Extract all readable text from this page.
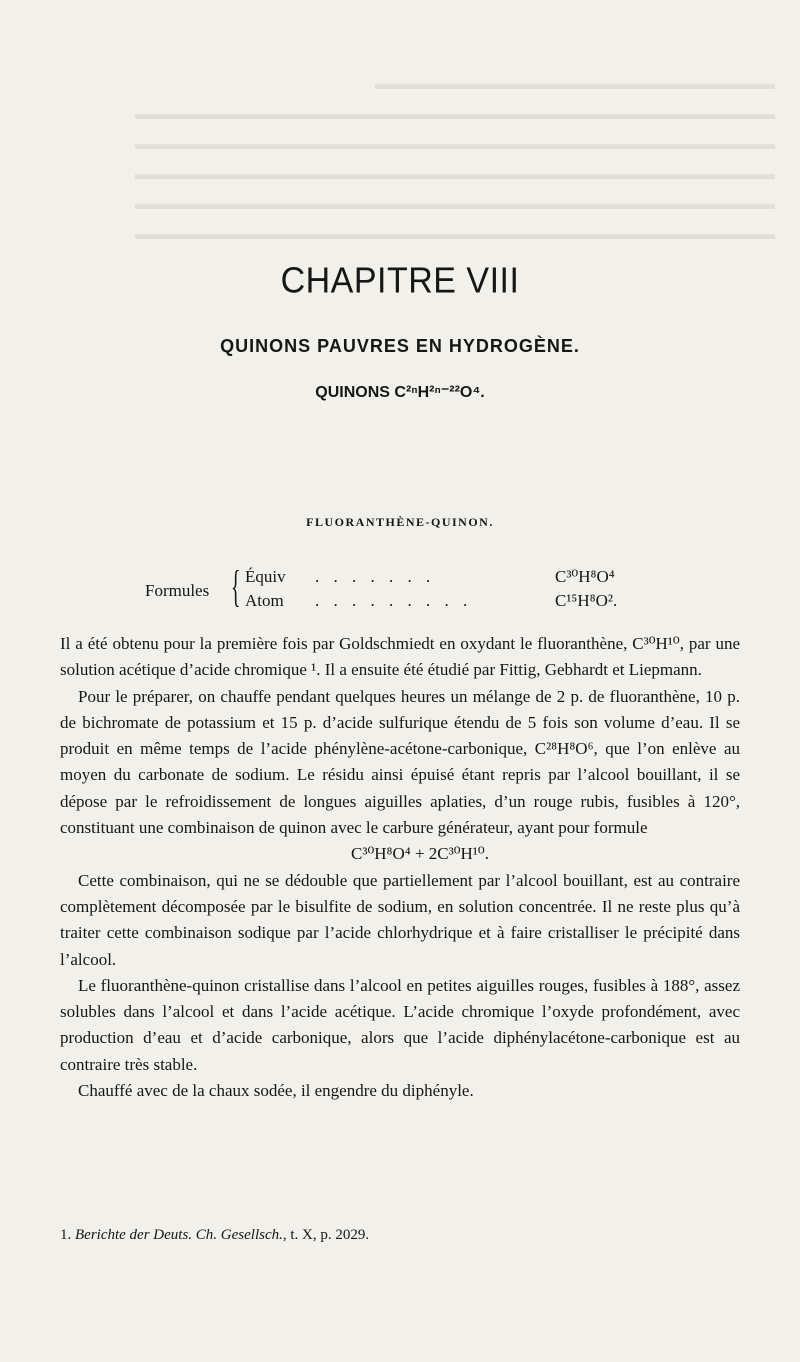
▬▬▬▬▬▬▬▬▬▬▬▬▬▬▬▬▬▬▬▬▬▬▬▬▬
▬▬▬▬▬▬▬▬▬▬▬▬▬▬▬▬▬▬▬▬▬▬▬▬▬▬▬▬▬▬▬▬▬▬▬▬▬▬▬▬
▬▬▬▬▬▬▬▬▬▬▬▬▬▬▬▬▬▬▬▬▬▬▬▬▬▬▬▬▬▬▬▬▬▬▬▬▬▬▬▬
▬▬▬▬▬▬▬▬▬▬▬▬▬▬▬▬▬▬▬▬▬▬▬▬▬▬▬▬▬▬▬▬▬▬▬▬▬▬▬▬
▬▬▬▬▬▬▬▬▬▬▬▬▬▬▬▬▬▬▬▬▬▬▬▬▬▬▬▬▬▬▬▬▬▬▬▬▬▬▬▬
▬▬▬▬▬▬▬▬▬▬▬▬▬▬▬▬▬▬▬▬▬▬▬▬▬▬▬▬▬▬▬▬▬▬▬▬▬▬▬▬
CHAPITRE VIII
QUINONS PAUVRES EN HYDROGÈNE.
QUINONS C²ⁿH²ⁿ⁻²²O⁴.
FLUORANTHÈNE-QUINON.
Formules { Équiv . . . . . . .	C³⁰H⁸O⁴
Atom . . . . . . . . .	C¹⁵H⁸O².

Il a été obtenu pour la première fois par Goldschmiedt en oxydant le fluoranthène, C³⁰H¹⁰, par une solution acétique d’acide chromique ¹. Il a ensuite été étudié par Fittig, Gebhardt et Liepmann.

Pour le préparer, on chauffe pendant quelques heures un mélange de 2 p. de fluoranthène, 10 p. de bichromate de potassium et 15 p. d’acide sulfurique étendu de 5 fois son volume d’eau. Il se produit en même temps de l’acide phénylène-acétone-carbonique, C²⁸H⁸O⁶, que l’on enlève au moyen du carbonate de sodium. Le résidu ainsi épuisé étant repris par l’alcool bouillant, il se dépose par le refroidissement de longues aiguilles aplaties, d’un rouge rubis, fusibles à 120°, constituant une combinaison de quinon avec le carbure générateur, ayant pour formule

C³⁰H⁸O⁴ + 2C³⁰H¹⁰.

Cette combinaison, qui ne se dédouble que partiellement par l’alcool bouillant, est au contraire complètement décomposée par le bisulfite de sodium, en solution concentrée. Il ne reste plus qu’à traiter cette combinaison sodique par l’acide chlorhydrique et à faire cristalliser le précipité dans l’alcool.

Le fluoranthène-quinon cristallise dans l’alcool en petites aiguilles rouges, fusibles à 188°, assez solubles dans l’alcool et dans l’acide acétique. L’acide chromique l’oxyde profondément, avec production d’eau et d’acide carbonique, alors que l’acide diphénylacétone-carbonique est au contraire très stable.

Chauffé avec de la chaux sodée, il engendre du diphényle.

1. Berichte der Deuts. Ch. Gesellsch., t. X, p. 2029.
